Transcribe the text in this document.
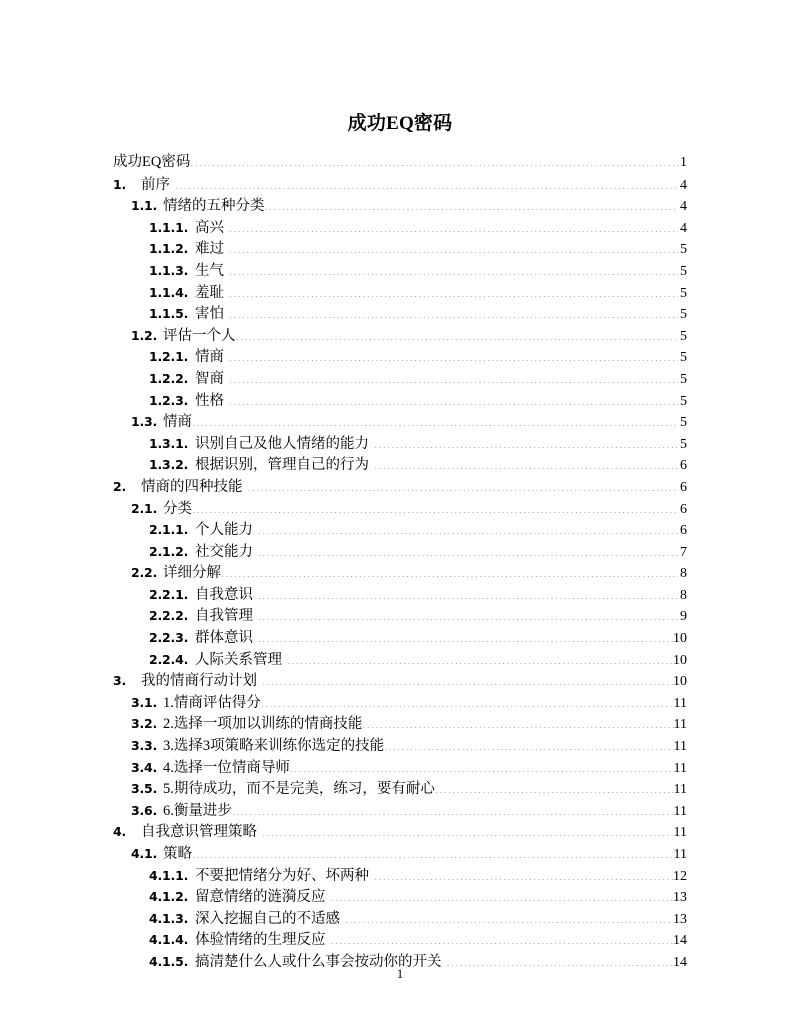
成功EQ密码
成功EQ密码 .....	1
1.	前序 .....	4
1.1. 情绪的五种分类 .....	4
1.1.1. 高兴 .....	4
1.1.2. 难过 .....	5
1.1.3. 生气 .....	5
1.1.4. 羞耻 .....	5
1.1.5. 害怕 .....	5
1.2. 评估一个人 .....	5
1.2.1. 情商 .....	5
1.2.2. 智商 .....	5
1.2.3. 性格 .....	5
1.3. 情商 .....	5
1.3.1. 识别自己及他人情绪的能力 .....	5
1.3.2. 根据识别，管理自己的行为 .....	6
2.	情商的四种技能 .....	6
2.1. 分类 .....	6
2.1.1. 个人能力 .....	6
2.1.2. 社交能力 .....	7
2.2. 详细分解 .....	8
2.2.1. 自我意识 .....	8
2.2.2. 自我管理 .....	9
2.2.3. 群体意识 .....	10
2.2.4. 人际关系管理 .....	10
3.	我的情商行动计划 .....	10
3.1. 1.情商评估得分 .....	11
3.2. 2.选择一项加以训练的情商技能 .....	11
3.3. 3.选择3项策略来训练你选定的技能 .....	11
3.4. 4.选择一位情商导师 .....	11
3.5. 5.期待成功，而不是完美，练习，要有耐心 .....	11
3.6. 6.衡量进步 .....	11
4.	自我意识管理策略 .....	11
4.1. 策略 .....	11
4.1.1. 不要把情绪分为好、坏两种 .....	12
4.1.2. 留意情绪的涟漪反应 .....	13
4.1.3. 深入挖掘自己的不适感 .....	13
4.1.4. 体验情绪的生理反应 .....	14
4.1.5. 搞清楚什么人或什么事会按动你的开关 .....	14
1
